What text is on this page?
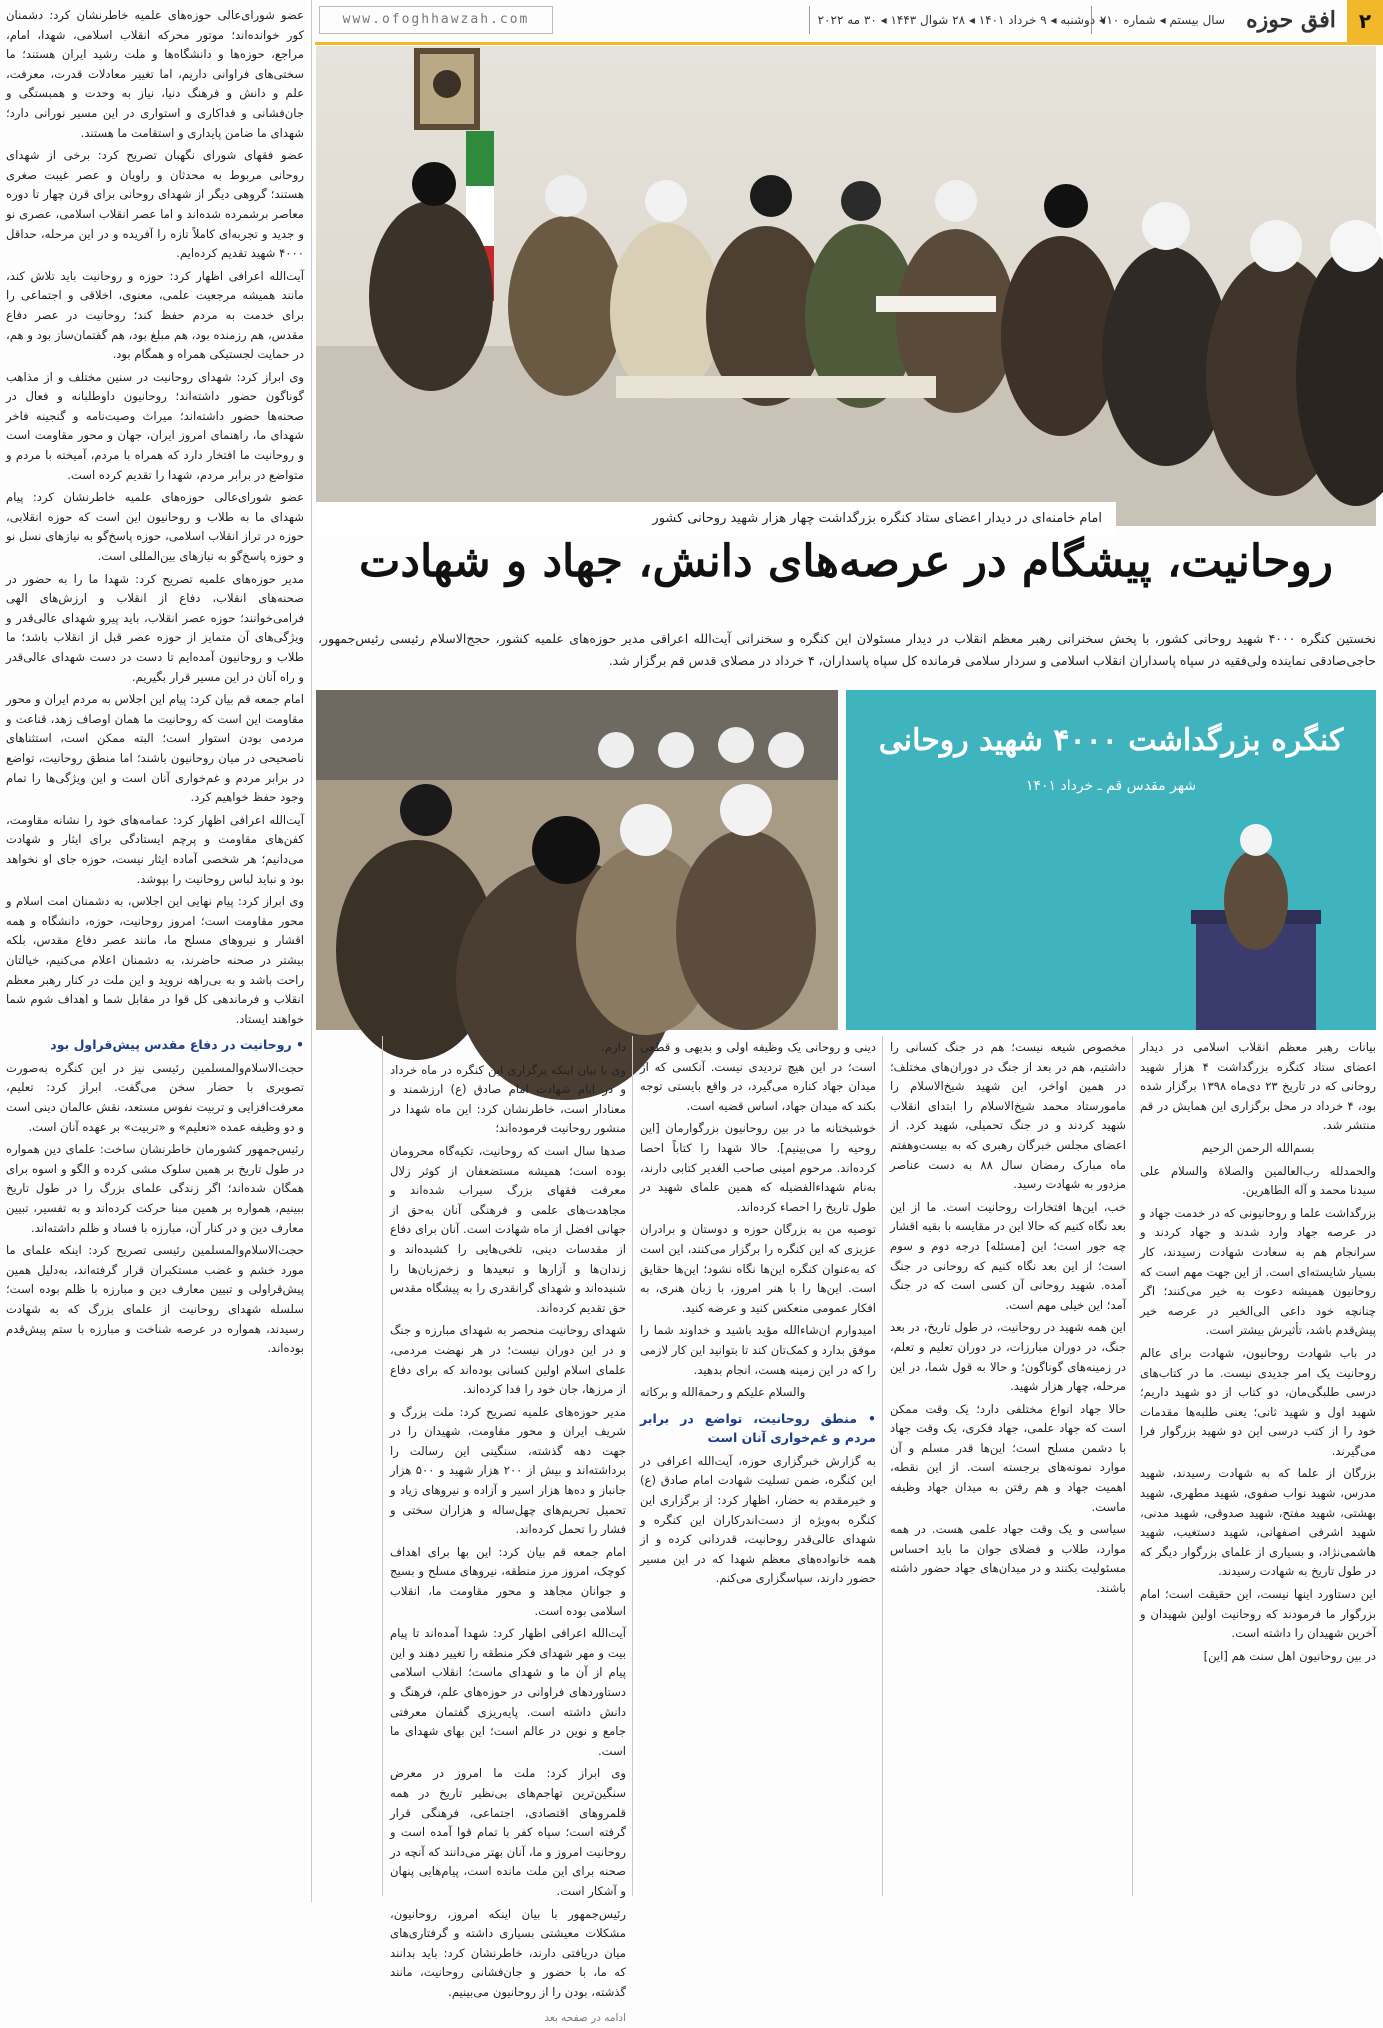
۲
افق حوزه
سال بیستم ◂ شماره ۷۱۰
◂ دوشنبه ◂ ۹ خرداد ۱۴۰۱ ◂ ۲۸ شوال ۱۴۴۳ ◂ ۳۰ مه ۲۰۲۲
www.ofoghhawzah.com
امام خامنه‌ای در دیدار اعضای ستاد کنگره بزرگداشت چهار هزار شهید روحانی کشور
روحانیت، پیشگام در عرصه‌های دانش، جهاد و شهادت
نخستین کنگره ۴۰۰۰ شهید روحانی کشور، با پخش سخنرانی رهبر معظم انقلاب در دیدار مسئولان این کنگره و سخنرانی آیت‌الله اعرافی مدیر حوزه‌های علمیه کشور، حجج‌الاسلام رئیسی رئیس‌جمهور، حاجی‌صادقی نماینده ولی‌فقیه در سپاه پاسداران انقلاب اسلامی و سردار سلامی فرمانده کل سپاه پاسداران، ۴ خرداد در مصلای قدس قم برگزار شد.
کنگره بزرگداشت ۴۰۰۰ شهید روحانی
شهر مقدس قم ـ خرداد ۱۴۰۱

عضو شورای‌عالی حوزه‌های علمیه خاطرنشان کرد: دشمنان کور خوانده‌اند؛ موتور محرکه انقلاب اسلامی، شهدا، امام، مراجع، حوزه‌ها و دانشگاه‌ها و ملت رشید ایران هستند؛ ما سختی‌های فراوانی داریم، اما تغییر معادلات قدرت، معرفت، علم و دانش و فرهنگ دنیا، نیاز به وحدت و همبستگی و جان‌فشانی و فداکاری و استواری در این مسیر نورانی دارد؛ شهدای ما ضامن پایداری و استقامت ما هستند.

عضو فقهای شورای نگهبان تصریح کرد: برخی از شهدای روحانی مربوط به محدثان و راویان و عصر غیبت صغری هستند؛ گروهی دیگر از شهدای روحانی برای قرن چهار تا دوره معاصر برشمرده شده‌اند و اما عصر انقلاب اسلامی، عصری نو و جدید و تجربه‌ای کاملاً تازه را آفریده و در این مرحله، حداقل ۴۰۰۰ شهید تقدیم کرده‌ایم.

آیت‌الله اعرافی اظهار کرد: حوزه و روحانیت باید تلاش کند، مانند همیشه مرجعیت علمی، معنوی، اخلاقی و اجتماعی را برای خدمت به مردم حفظ کند؛ روحانیت در عصر دفاع مقدس، هم رزمنده بود، هم مبلغ بود، هم گفتمان‌ساز بود و هم، در حمایت لجستیکی همراه و همگام بود.

وی ابراز کرد: شهدای روحانیت در سنین مختلف و از مذاهب گوناگون حضور داشته‌اند؛ روحانیون داوطلبانه و فعال در صحنه‌ها حضور داشته‌اند؛ میراث وصیت‌نامه و گنجینه فاخر شهدای ما، راهنمای امروز ایران، جهان و محور مقاومت است و روحانیت ما افتخار دارد که همراه با مردم، آمیخته با مردم و متواضع در برابر مردم، شهدا را تقدیم کرده است.

عضو شورای‌عالی حوزه‌های علمیه خاطرنشان کرد: پیام شهدای ما به طلاب و روحانیون این است که حوزه انقلابی، حوزه در تراز انقلاب اسلامی، حوزه پاسخ‌گو به نیازهای نسل نو و حوزه پاسخ‌گو به نیازهای بین‌المللی است.

مدیر حوزه‌های علمیه تصریح کرد: شهدا ما را به حضور در صحنه‌های انقلاب، دفاع از انقلاب و ارزش‌های الهی فرامی‌خوانند؛ حوزه عصر انقلاب، باید پیرو شهدای عالی‌قدر و ویژگی‌های آن متمایز از حوزه عصر قبل از انقلاب باشد؛ ما طلاب و روحانیون آمده‌ایم تا دست در دست شهدای عالی‌قدر و راه آنان در این مسیر قرار بگیریم.

امام جمعه قم بیان کرد: پیام این اجلاس به مردم ایران و محور مقاومت این است که روحانیت ما همان اوصاف زهد، قناعت و مردمی بودن استوار است؛ البته ممکن است، استثناهای ناصحیحی در میان روحانیون باشند؛ اما منطق روحانیت، تواضع در برابر مردم و غم‌خواری آنان است و این ویژگی‌ها را تمام وجود حفظ خواهیم کرد.

آیت‌الله اعرافی اظهار کرد: عمامه‌های خود را نشانه مقاومت، کفن‌های مقاومت و پرچم ایستادگی برای ایثار و شهادت می‌دانیم؛ هر شخصی آماده ایثار نیست، حوزه جای او نخواهد بود و نباید لباس روحانیت را بپوشد.

وی ابراز کرد: پیام نهایی این اجلاس، به دشمنان امت اسلام و محور مقاومت است؛ امروز روحانیت، حوزه، دانشگاه و همه اقشار و نیروهای مسلح ما، مانند عصر دفاع مقدس، بلکه بیشتر در صحنه حاضرند، به دشمنان اعلام می‌کنیم، خیالتان راحت باشد و به بی‌راهه نروید و این ملت در کنار رهبر معظم انقلاب و فرماندهی کل قوا در مقابل شما و اهداف شوم شما خواهند ایستاد.

• روحانیت در دفاع مقدس پیش‌قراول بود

حجت‌الاسلام‌والمسلمین رئیسی نیز در این کنگره به‌صورت تصویری با حضار سخن می‌گفت. ابراز کرد: تعلیم، معرفت‌افزایی و تربیت نفوس مستعد، نقش عالمان دینی است و دو وظیفه عمده «تعلیم» و «تربیت» بر عهده آنان است.

رئیس‌جمهور کشورمان خاطرنشان ساخت: علمای دین همواره در طول تاریخ بر همین سلوک مشی کرده و الگو و اسوه برای همگان شده‌اند؛ اگر زندگی علمای بزرگ را در طول تاریخ ببینیم، همواره بر همین مبنا حرکت کرده‌اند و به تفسیر، تبیین معارف دین و در کنار آن، مبارزه با فساد و ظلم داشته‌اند.

حجت‌الاسلام‌والمسلمین رئیسی تصریح کرد: اینکه علمای ما مورد خشم و غضب مستکبران قرار گرفته‌اند، به‌دلیل همین پیش‌قراولی و تبیین معارف دین و مبارزه با ظلم بوده است؛ سلسله شهدای روحانیت از علمای بزرگ که به شهادت رسیدند، همواره در عرصه شناخت و مبارزه با ستم پیش‌قدم بوده‌اند.

بیانات رهبر معظم انقلاب اسلامی در دیدار اعضای ستاد کنگره بزرگداشت ۴ هزار شهید روحانی که در تاریخ ۲۳ دی‌ماه ۱۳۹۸ برگزار شده بود، ۴ خرداد در محل برگزاری این همایش در قم منتشر شد.

بسم‌الله الرحمن الرحیم

والحمدلله رب‌العالمین والصلاة والسلام علی سیدنا محمد و آله الطاهرین.

بزرگداشت علما و روحانیونی که در خدمت جهاد و در عرصه جهاد وارد شدند و جهاد کردند و سرانجام هم به سعادت شهادت رسیدند، کار بسیار شایسته‌ای است. از این جهت مهم است که روحانیون همیشه دعوت به خیر می‌کنند؛ اگر چنانچه خود داعی الی‌الخیر در عرصه خیر پیش‌قدم باشد، تأثیرش بیشتر است.

در باب شهادت روحانیون، شهادت برای عالم روحانیت یک امر جدیدی نیست. ما در کتاب‌های درسی طلبگی‌مان، دو کتاب از دو شهید داریم؛ شهید اول و شهید ثانی؛ یعنی طلبه‌ها مقدمات خود را از کتب درسی این دو شهید بزرگوار فرا می‌گیرند.

بزرگان از علما که به شهادت رسیدند، شهید مدرس، شهید نواب صفوی، شهید مطهری، شهید بهشتی، شهید مفتح، شهید صدوقی، شهید مدنی، شهید اشرفی اصفهانی، شهید دستغیب، شهید هاشمی‌نژاد، و بسیاری از علمای بزرگوار دیگر که در طول تاریخ به شهادت رسیدند.

این دستاورد اینها نیست، این حقیقت است؛ امام بزرگوار ما فرمودند که روحانیت اولین شهیدان و آخرین شهیدان را داشته است.

در بین روحانیون اهل سنت هم [این]

مخصوص شیعه نیست؛ هم در جنگ کسانی را داشتیم، هم در بعد از جنگ در دوران‌های مختلف؛ در همین اواخر، این شهید شیخ‌الاسلام را مامورستاد محمد شیخ‌الاسلام را ابتدای انقلاب شهید کردند و در جنگ تحمیلی، شهید کرد. از اعضای مجلس خبرگان رهبری که به بیست‌وهفتم ماه مبارک رمضان سال ۸۸ به دست عناصر مزدور به شهادت رسید.

خب، این‌ها افتخارات روحانیت است. ما از این بعد نگاه کنیم که حالا این در مقایسه با بقیه اقشار چه جور است؛ این [مسئله] درجه دوم و سوم است؛ از این بعد نگاه کنیم که روحانی در جنگ آمده. شهید روحانی آن کسی است که در جنگ آمد؛ این خیلی مهم است.

این همه شهید در روحانیت، در طول تاریخ، در بعد جنگ، در دوران مبارزات، در دوران تعلیم و تعلم، در زمینه‌های گوناگون؛ و حالا به قول شما، در این مرحله، چهار هزار شهید.

حالا جهاد انواع مختلفی دارد؛ یک وقت ممکن است که جهاد علمی، جهاد فکری، یک وقت جهاد با دشمن مسلح است؛ این‌ها قدر مسلم و آن موارد نمونه‌های برجسته است. از این نقطه، اهمیت جهاد و هم رفتن به میدان جهاد وظیفه ماست.

سیاسی و یک وقت جهاد علمی هست. در همه موارد، طلاب و فضلای جوان ما باید احساس مسئولیت بکنند و در میدان‌های جهاد حضور داشته باشند.

دینی و روحانی یک وظیفه اولی و بدیهی و قطعی است؛ در این هیچ تردیدی نیست. آنکسی که از میدان جهاد کناره می‌گیرد، در واقع بایستی توجه بکند که میدان جهاد، اساس قضیه است.

خوشبختانه ما در بین روحانیون بزرگوارمان [این روحیه را می‌بینیم]. حالا شهدا را کتاباً احصا کرده‌اند. مرحوم امینی صاحب الغدیر کتابی دارند، به‌نام شهداءالفضیله که همین علمای شهید در طول تاریخ را احصاء کرده‌اند.

توصیه من به بزرگان حوزه و دوستان و برادران عزیزی که این کنگره را برگزار می‌کنند، این است که به‌عنوان کنگره این‌ها نگاه نشود؛ این‌ها حقایق است. این‌ها را با هنر امروز، با زبان هنری، به افکار عمومی منعکس کنید و عرضه کنید.

امیدوارم ان‌شاءالله مؤید باشید و خداوند شما را موفق بدارد و کمک‌تان کند تا بتوانید این کار لازمی را که در این زمینه هست، انجام بدهید.

والسلام علیکم و رحمةالله و برکاته

• منطق روحانیت، تواضع در برابر مردم و غم‌خواری آنان است

به گزارش خبرگزاری حوزه، آیت‌الله اعرافی در این کنگره، ضمن تسلیت شهادت امام صادق (ع) و خیرمقدم به حضار، اظهار کرد: از برگزاری این کنگره به‌ویژه از دست‌اندرکاران این کنگره و شهدای عالی‌قدر روحانیت، قدردانی کرده و از همه خانواده‌های معظم شهدا که در این مسیر حضور دارند، سپاسگزاری می‌کنم.

دارم.

وی با بیان اینکه برگزاری این کنگره در ماه خرداد و در ایام شهادت امام صادق (ع) ارزشمند و معنادار است، خاطرنشان کرد: این ماه شهدا در منشور روحانیت فرموده‌اند؛

صدها سال است که روحانیت، تکیه‌گاه محرومان بوده است؛ همیشه مستضعفان از کوثر زلال معرفت فقهای بزرگ سیراب شده‌اند و مجاهدت‌های علمی و فرهنگی آنان به‌حق از جهانی افضل از ماه شهادت است. آنان برای دفاع از مقدسات دینی، تلخی‌هایی را کشیده‌اند و زندان‌ها و آزارها و تبعیدها و زخم‌زبان‌ها را شنیده‌اند و شهدای گرانقدری را به پیشگاه مقدس حق تقدیم کرده‌اند.

شهدای روحانیت منحصر به شهدای مبارزه و جنگ و در این دوران نیست؛ در هر نهضت مردمی، علمای اسلام اولین کسانی بوده‌اند که برای دفاع از مرزها، جان خود را فدا کرده‌اند.

مدیر حوزه‌های علمیه تصریح کرد: ملت بزرگ و شریف ایران و محور مقاومت، شهیدان را در جهت دهه گذشته، سنگینی این رسالت را برداشته‌اند و بیش از ۲۰۰ هزار شهید و ۵۰۰ هزار جانباز و ده‌ها هزار اسیر و آزاده و نیروهای زیاد و تحمیل تحریم‌های چهل‌ساله و هزاران سختی و فشار را تحمل کرده‌اند.

امام جمعه قم بیان کرد: این بها برای اهداف کوچک، امروز مرز منطقه، نیروهای مسلح و بسیج و جوانان مجاهد و محور مقاومت ما، انقلاب اسلامی بوده است.

آیت‌الله اعرافی اظهار کرد: شهدا آمده‌اند تا پیام بیت و مهر شهدای فکر منطقه را تغییر دهند و این پیام از آن ما و شهدای ماست؛ انقلاب اسلامی دستاوردهای فراوانی در حوزه‌های علم، فرهنگ و دانش داشته است. پایه‌ریزی گفتمان معرفتی جامع و نوین در عالم است؛ این بهای شهدای ما است.

وی ابراز کرد: ملت ما امروز در معرض سنگین‌ترین تهاجم‌های بی‌نظیر تاریخ در همه قلمروهای اقتصادی، اجتماعی، فرهنگی قرار گرفته است؛ سپاه کفر با تمام قوا آمده است و روحانیت امروز و ما، آنان بهتر می‌دانند که آنچه در صحنه برای این ملت مانده است، پیام‌هایی پنهان و آشکار است.

رئیس‌جمهور با بیان اینکه امروز، روحانیون، مشکلات معیشتی بسیاری داشته و گرفتاری‌های میان دریافتی دارند، خاطرنشان کرد: باید بدانند که ما، با حضور و جان‌فشانی روحانیت، مانند گذشته، بودن را از روحانیون می‌بینیم.

ادامه در صفحه بعد
